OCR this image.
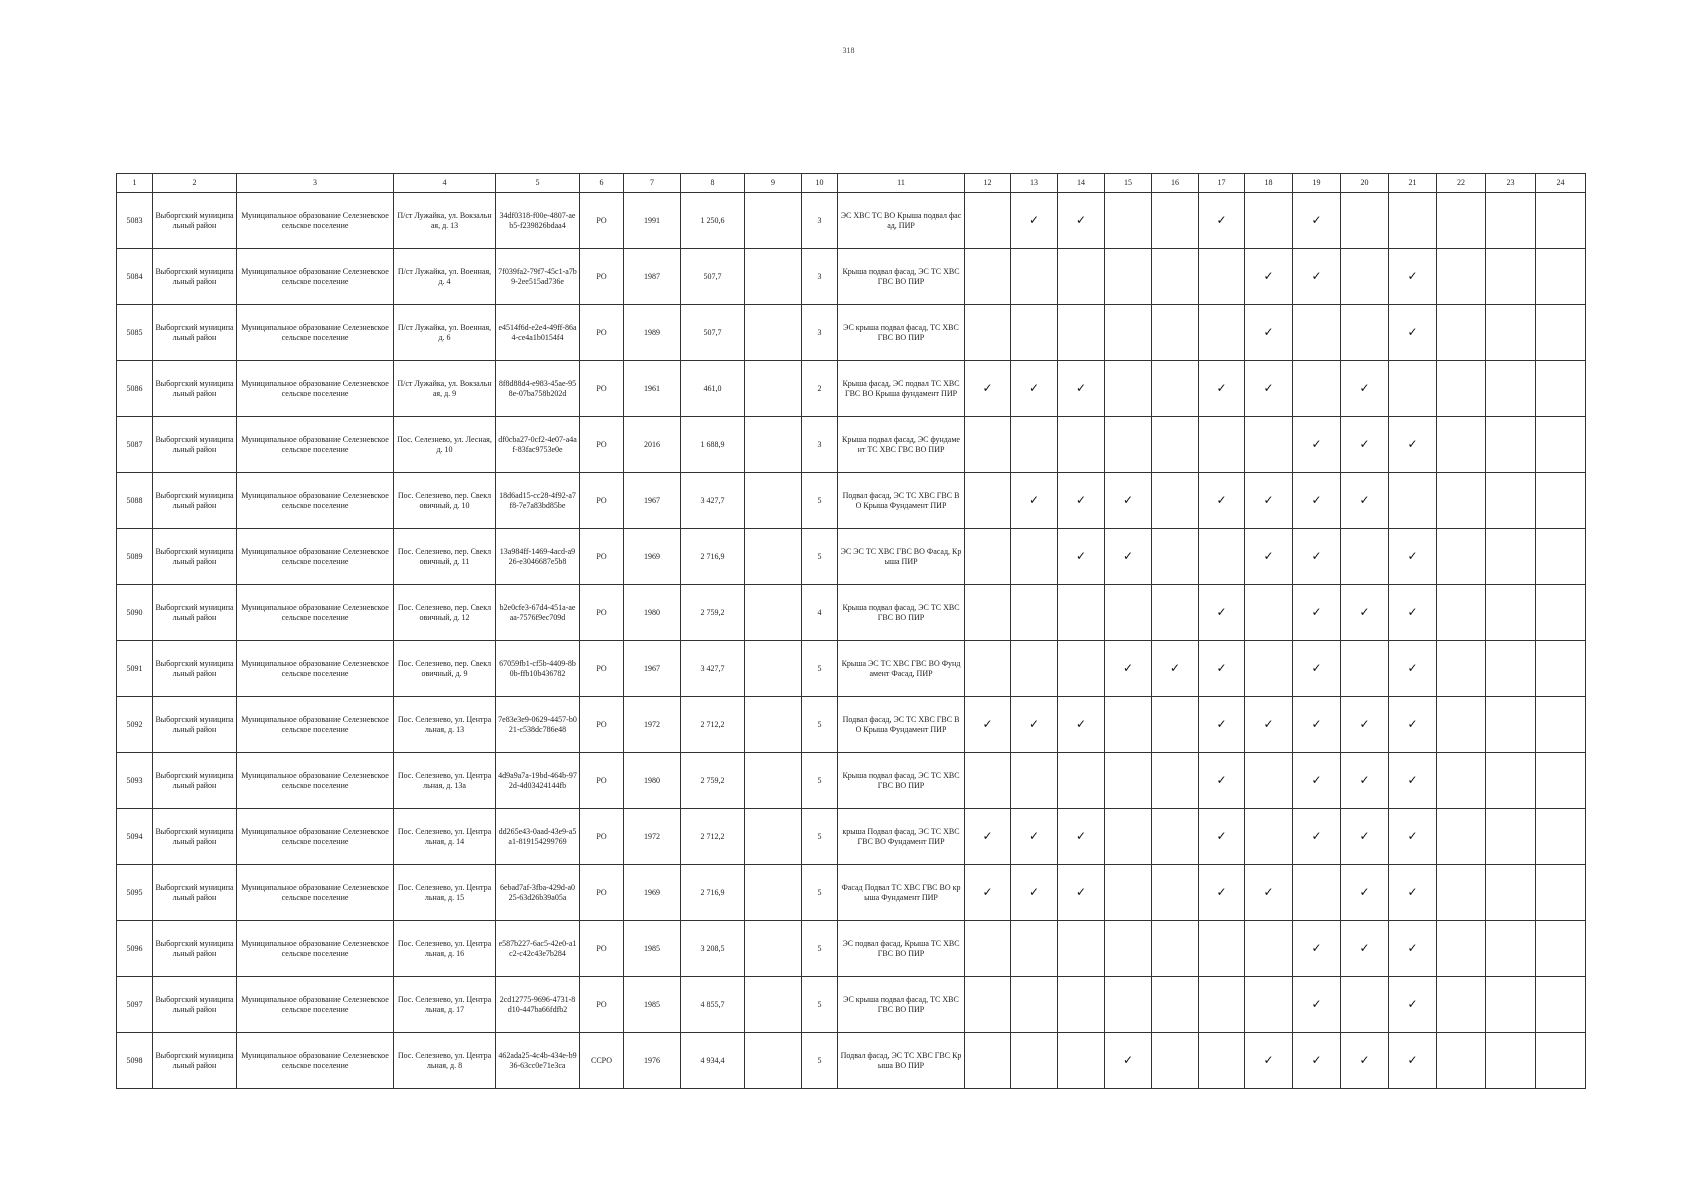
318
1	2	3	4	5	6	7	8	9	10	11	12	13	14	15	16	17	18	19	20	21	22	23	24

5083	Выборгский муниципальный район	Муниципальное образование Селезневское сельское поселение	П/ст Лужайка, ул. Вокзальная, д. 13	34df0318-f00e-4807-aeb5-f239826bdaa4	РО	1991	1 250,6		3	ЭС ХВС ТС ВО Крыша подвал фасад, ПИР		✓	✓			✓		✓					

5084	Выборгский муниципальный район	Муниципальное образование Селезневское сельское поселение	П/ст Лужайка, ул. Военная, д. 4	7f039fa2-79f7-45c1-a7b9-2ee515ad736e	РО	1987	507,7		3	Крыша подвал фасад, ЭС ТС ХВС ГВС ВО ПИР							✓	✓		✓			

5085	Выборгский муниципальный район	Муниципальное образование Селезневское сельское поселение	П/ст Лужайка, ул. Военная, д. 6	e4514f6d-e2e4-49ff-86a4-ce4a1b0154f4	РО	1989	507,7		3	ЭС крыша подвал фасад, ТС ХВС ГВС ВО ПИР							✓			✓			

5086	Выборгский муниципальный район	Муниципальное образование Селезневское сельское поселение	П/ст Лужайка, ул. Вокзальная, д. 9	8f8d88d4-e983-45ae-958e-07ba758b202d	РО	1961	461,0		2	Крыша фасад, ЭС подвал ТС ХВС ГВС ВО Крыша фундамент ПИР	✓	✓	✓			✓	✓		✓				

5087	Выборгский муниципальный район	Муниципальное образование Селезневское сельское поселение	Пос. Селезнево, ул. Лесная, д. 10	df0cba27-0cf2-4e07-a4af-83fac9753e0e	РО	2016	1 688,9		3	Крыша подвал фасад, ЭС фундамент ТС ХВС ГВС ВО ПИР								✓	✓	✓			

5088	Выборгский муниципальный район	Муниципальное образование Селезневское сельское поселение	Пос. Селезнево, пер. Свекловичный, д. 10	18d6ad15-cc28-4f92-a7f8-7e7a83bd85be	РО	1967	3 427,7		5	Подвал фасад, ЭС ТС ХВС ГВС ВО Крыша Фундамент ПИР		✓	✓	✓		✓	✓	✓	✓				

5089	Выборгский муниципальный район	Муниципальное образование Селезневское сельское поселение	Пос. Селезнево, пер. Свекловичный, д. 11	13a984ff-1469-4acd-a926-e3046687e5b8	РО	1969	2 716,9		5	ЭС ЭС ТС ХВС ГВС ВО Фасад, Крыша ПИР			✓	✓			✓	✓		✓			

5090	Выборгский муниципальный район	Муниципальное образование Селезневское сельское поселение	Пос. Селезнево, пер. Свекловичный, д. 12	b2e0cfe3-67d4-451a-aeaa-7576f9ec709d	РО	1980	2 759,2		4	Крыша подвал фасад, ЭС ТС ХВС ГВС ВО ПИР						✓		✓	✓	✓			

5091	Выборгский муниципальный район	Муниципальное образование Селезневское сельское поселение	Пос. Селезнево, пер. Свекловичный, д. 9	67059fb1-cf5b-4409-8b0b-ffb10b436782	РО	1967	3 427,7		5	Крыша ЭС ТС ХВС ГВС ВО Фундамент Фасад, ПИР				✓	✓	✓		✓		✓			

5092	Выборгский муниципальный район	Муниципальное образование Селезневское сельское поселение	Пос. Селезнево, ул. Центральная, д. 13	7e83e3e9-0629-4457-b021-c538dc786e48	РО	1972	2 712,2		5	Подвал фасад, ЭС ТС ХВС ГВС ВО Крыша Фундамент ПИР	✓	✓	✓			✓	✓	✓	✓	✓			

5093	Выборгский муниципальный район	Муниципальное образование Селезневское сельское поселение	Пос. Селезнево, ул. Центральная, д. 13а	4d9a9a7a-19bd-464b-972d-4d03424144fb	РО	1980	2 759,2		5	Крыша подвал фасад, ЭС ТС ХВС ГВС ВО ПИР						✓		✓	✓	✓			

5094	Выборгский муниципальный район	Муниципальное образование Селезневское сельское поселение	Пос. Селезнево, ул. Центральная, д. 14	dd265e43-0aad-43e9-a5a1-819154299769	РО	1972	2 712,2		5	крыша Подвал фасад, ЭС ТС ХВС ГВС ВО Фундамент ПИР	✓	✓	✓			✓		✓	✓	✓			

5095	Выборгский муниципальный район	Муниципальное образование Селезневское сельское поселение	Пос. Селезнево, ул. Центральная, д. 15	6ebad7af-3fba-429d-a025-63d26b39a05a	РО	1969	2 716,9		5	Фасад Подвал ТС ХВС ГВС ВО крыша Фундамент ПИР	✓	✓	✓			✓	✓		✓	✓			

5096	Выборгский муниципальный район	Муниципальное образование Селезневское сельское поселение	Пос. Селезнево, ул. Центральная, д. 16	e587b227-6ac5-42e0-a1c2-c42c43e7b284	РО	1985	3 208,5		5	ЭС подвал фасад, Крыша ТС ХВС ГВС ВО ПИР								✓	✓	✓			

5097	Выборгский муниципальный район	Муниципальное образование Селезневское сельское поселение	Пос. Селезнево, ул. Центральная, д. 17	2cd12775-9696-4731-8d10-447ba66fdfb2	РО	1985	4 855,7		5	ЭС крыша подвал фасад, ТС ХВС ГВС ВО ПИР								✓		✓			

5098	Выборгский муниципальный район	Муниципальное образование Селезневское сельское поселение	Пос. Селезнево, ул. Центральная, д. 8	462ada25-4c4b-434e-b936-63cc0e71e3ca	ССРО	1976	4 934,4		5	Подвал фасад, ЭС ТС ХВС ГВС Крыша ВО ПИР				✓			✓	✓	✓	✓			
